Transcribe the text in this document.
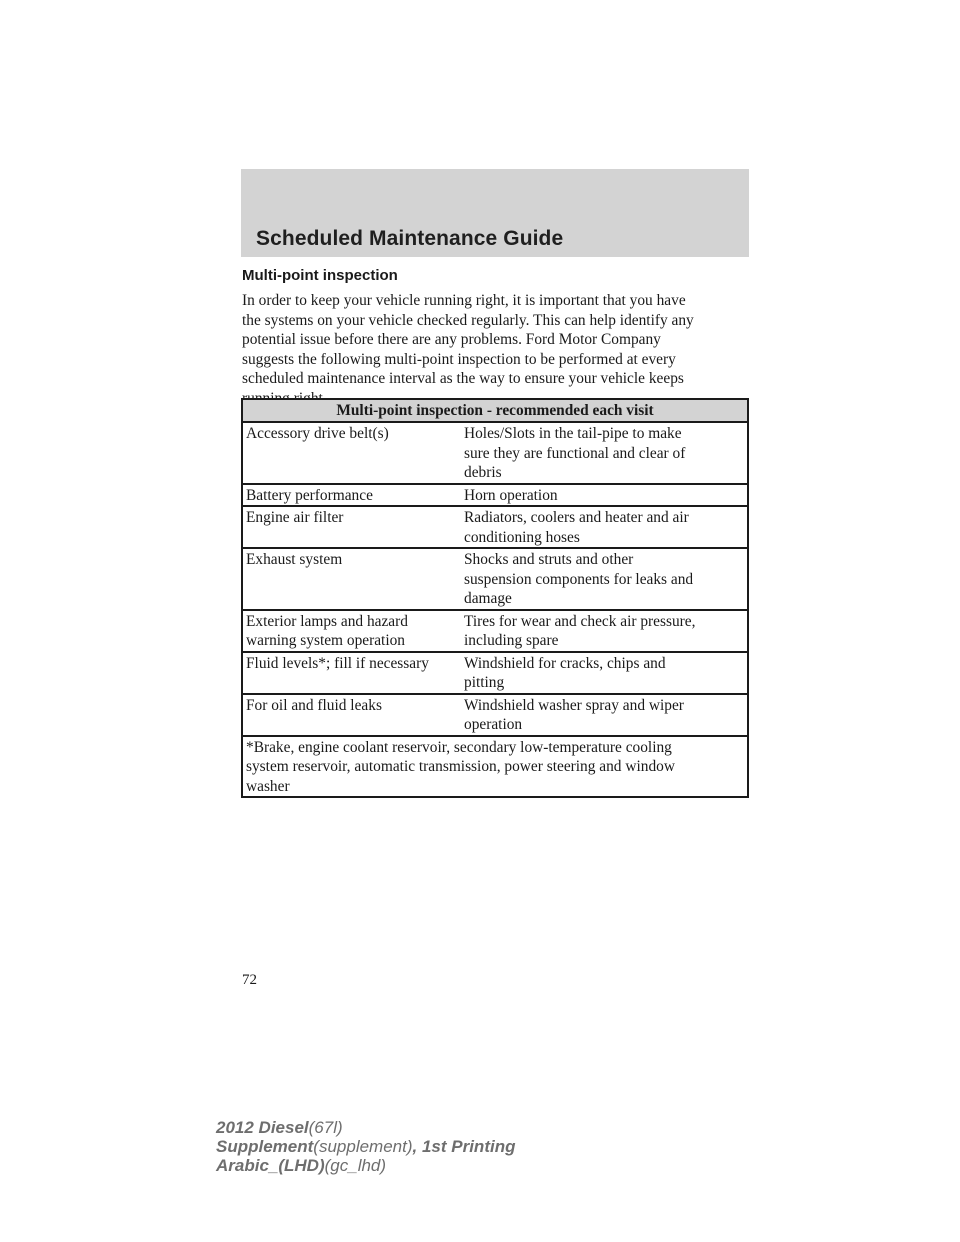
Scheduled Maintenance Guide
Multi-point inspection

In order to keep your vehicle running right, it is important that you have
the systems on your vehicle checked regularly. This can help identify any
potential issue before there are any problems. Ford Motor Company
suggests the following multi-point inspection to be performed at every
scheduled maintenance interval as the way to ensure your vehicle keeps

Multi-point inspection - recommended each visit	
Accessory drive belt(s)	Holes/Slots in the tail-pipe to make
sure they are functional and clear of
debris
Battery performance	Horn operation
Engine air filter	Radiators, coolers and heater and air
conditioning hoses
Exhaust system	Shocks and struts and other
suspension components for leaks and
damage
Exterior lamps and hazard
warning system operation	Tires for wear and check air pressure,
including spare
Fluid levels*; fill if necessary	Windshield for cracks, chips and
pitting
For oil and fluid leaks	Windshield washer spray and wiper
operation
*Brake, engine coolant reservoir, secondary low-temperature cooling
system reservoir, automatic transmission, power steering and window
washer	

72

2012 Diesel(67l)
Supplement(supplement), 1st Printing
Arabic_(LHD)(gc_lhd)
